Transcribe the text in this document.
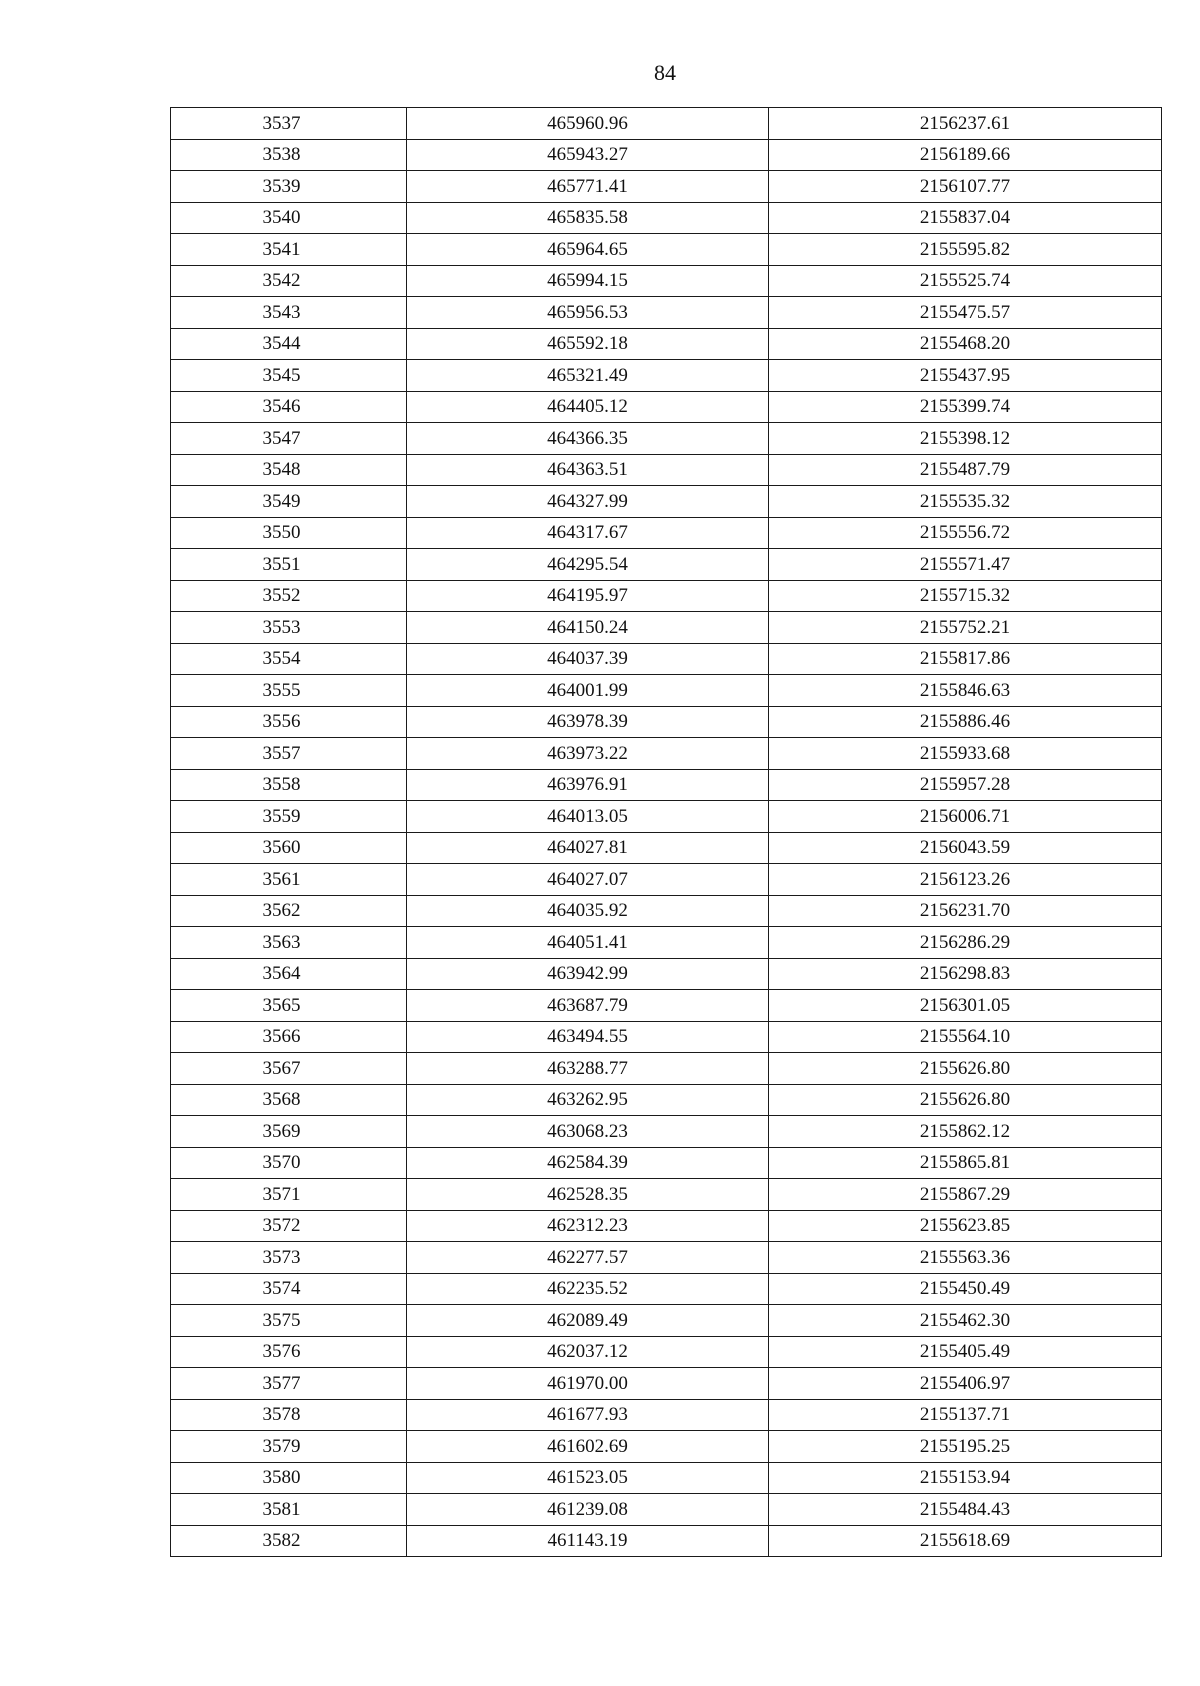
84
3537	465960.96	2156237.61
3538	465943.27	2156189.66
3539	465771.41	2156107.77
3540	465835.58	2155837.04
3541	465964.65	2155595.82
3542	465994.15	2155525.74
3543	465956.53	2155475.57
3544	465592.18	2155468.20
3545	465321.49	2155437.95
3546	464405.12	2155399.74
3547	464366.35	2155398.12
3548	464363.51	2155487.79
3549	464327.99	2155535.32
3550	464317.67	2155556.72
3551	464295.54	2155571.47
3552	464195.97	2155715.32
3553	464150.24	2155752.21
3554	464037.39	2155817.86
3555	464001.99	2155846.63
3556	463978.39	2155886.46
3557	463973.22	2155933.68
3558	463976.91	2155957.28
3559	464013.05	2156006.71
3560	464027.81	2156043.59
3561	464027.07	2156123.26
3562	464035.92	2156231.70
3563	464051.41	2156286.29
3564	463942.99	2156298.83
3565	463687.79	2156301.05
3566	463494.55	2155564.10
3567	463288.77	2155626.80
3568	463262.95	2155626.80
3569	463068.23	2155862.12
3570	462584.39	2155865.81
3571	462528.35	2155867.29
3572	462312.23	2155623.85
3573	462277.57	2155563.36
3574	462235.52	2155450.49
3575	462089.49	2155462.30
3576	462037.12	2155405.49
3577	461970.00	2155406.97
3578	461677.93	2155137.71
3579	461602.69	2155195.25
3580	461523.05	2155153.94
3581	461239.08	2155484.43
3582	461143.19	2155618.69
